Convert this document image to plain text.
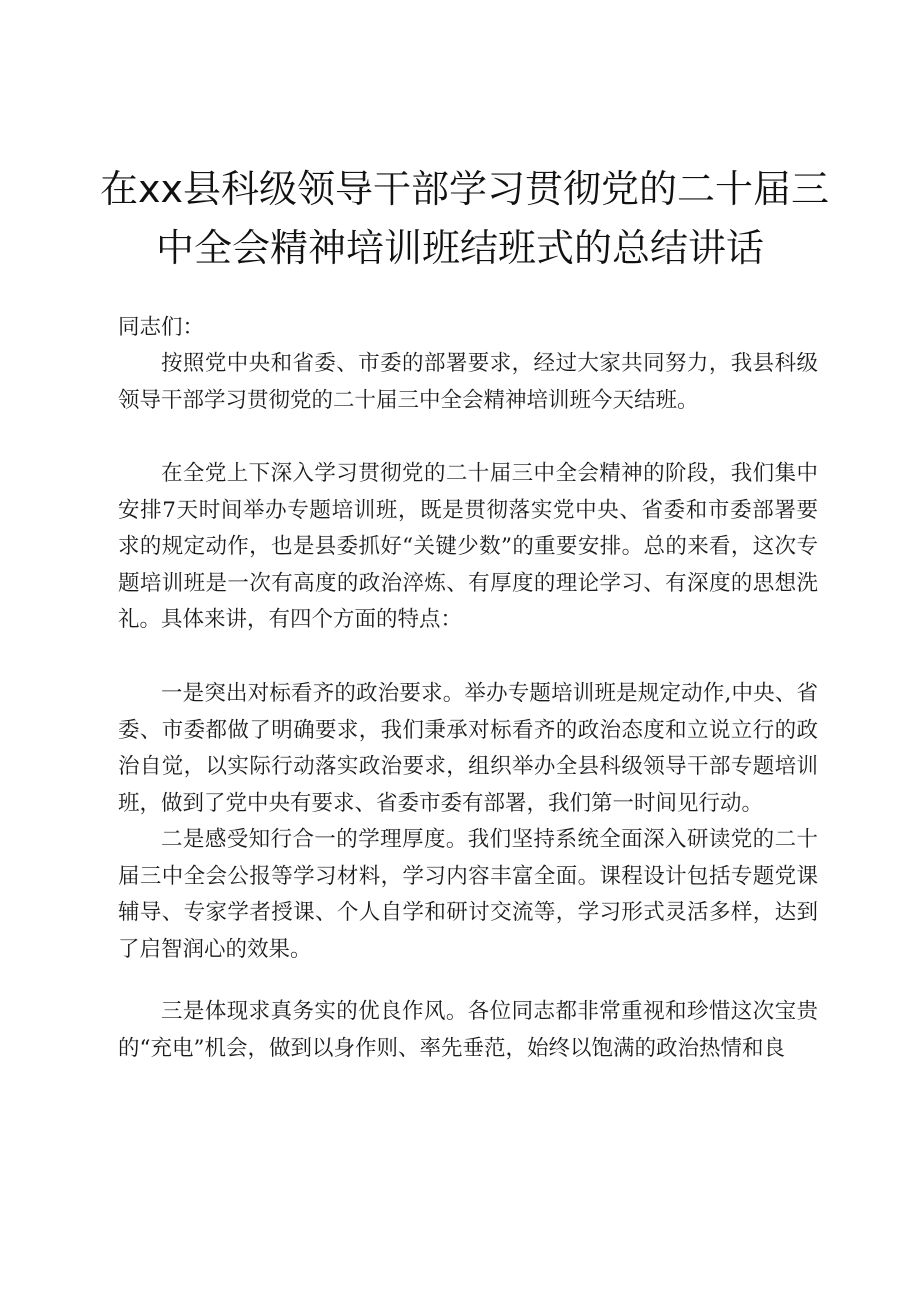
在xx县科级领导干部学习贯彻党的二十届三
中全会精神培训班结班式的总结讲话
同志们：

按照党中央和省委、市委的部署要求，经过大家共同努力，我县科级领导干部学习贯彻党的二十届三中全会精神培训班今天结班。

在全党上下深入学习贯彻党的二十届三中全会精神的阶段，我们集中安排7天时间举办专题培训班，既是贯彻落实党中央、省委和市委部署要求的规定动作，也是县委抓好“关键少数”的重要安排。总的来看，这次专题培训班是一次有高度的政治淬炼、有厚度的理论学习、有深度的思想洗礼。具体来讲，有四个方面的特点：

一是突出对标看齐的政治要求。举办专题培训班是规定动作,中央、省委、市委都做了明确要求，我们秉承对标看齐的政治态度和立说立行的政治自觉，以实际行动落实政治要求，组织举办全县科级领导干部专题培训班，做到了党中央有要求、省委市委有部署，我们第一时间见行动。

二是感受知行合一的学理厚度。我们坚持系统全面深入研读党的二十届三中全会公报等学习材料，学习内容丰富全面。课程设计包括专题党课辅导、专家学者授课、个人自学和研讨交流等，学习形式灵活多样，达到了启智润心的效果。

三是体现求真务实的优良作风。各位同志都非常重视和珍惜这次宝贵的“充电”机会，做到以身作则、率先垂范，始终以饱满的政治热情和良
